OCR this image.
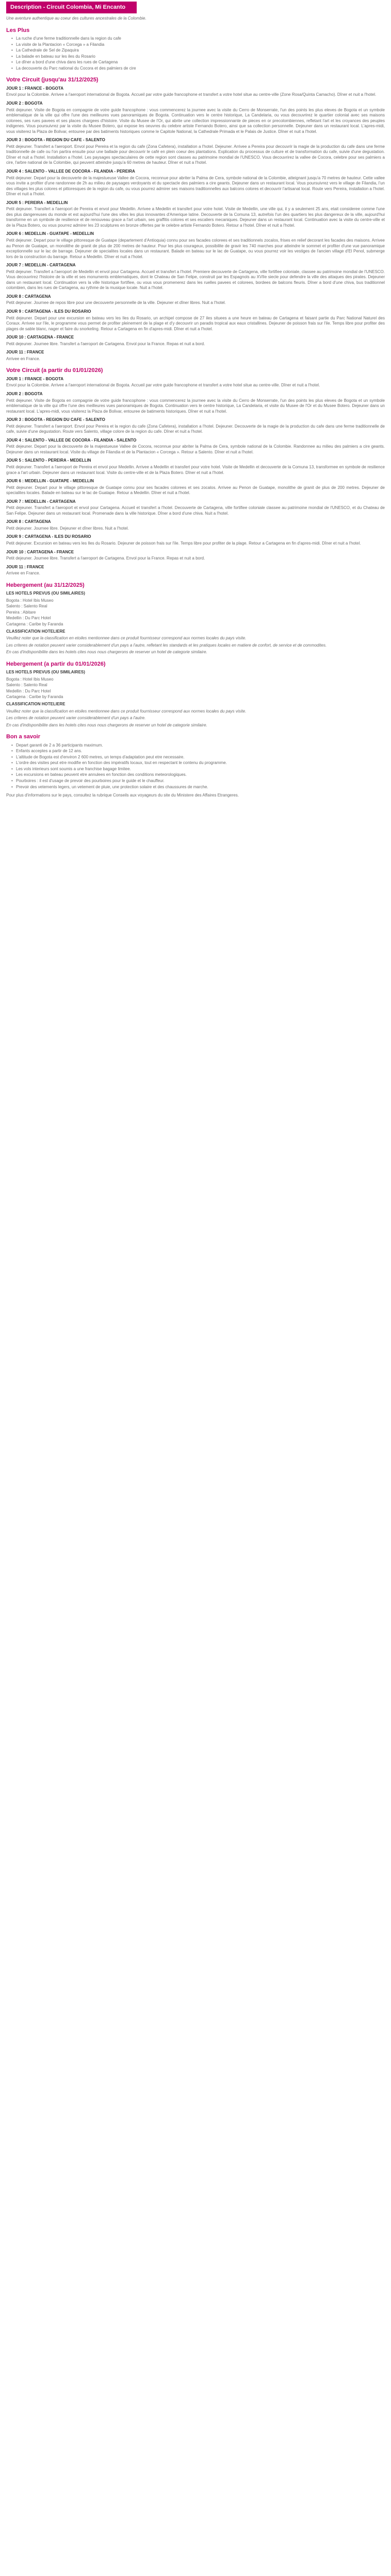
Description - Circuit Colombia, Mi Encanto
Une aventure authentique au coeur des cultures ancestrales de la Colombie.
Les Plus
• La ruche d'une ferme traditionnelle dans la region du cafe
• La visite de la Plantacion « Corcega » a Filandia
• La Cathedrale de Sel de Zipaquira
• La balade en bateau sur les iles du Rosario
• Le dîner a bord d'une chiva dans les rues de Cartagena
• La decouverte du Parc national du Cocora et des palmiers de cire
Votre Circuit (jusqu'au 31/12/2025)
JOUR 1 : FRANCE - BOGOTA
Envol pour la Colombie. Arrivee a l'aeroport international de Bogota. Accueil par votre guide francophone et transfert a votre hotel situe au centre-ville (Zone Rosa/Quinta Camacho). Dîner et nuit a l'hotel.
JOUR 2 : BOGOTA
Petit dejeuner. Visite de Bogota en compagnie de votre guide francophone : vous commencerez la journee avec la visite du Cerro de Monserrate, l'un des points les plus eleves de Bogota et un symbole emblematique de la ville qui offre l'une des meilleures vues panoramiques de Bogota. Continuation vers le centre historique, La Candelaria, ou vous decouvrirez le quartier colonial avec ses maisons colorees, ses rues pavees et ses places chargees d'histoire. Visite du Musee de l'Or, qui abrite une collection impressionnante de pieces en or precolombiennes, refletant l'art et les croyances des peuples indigenes. Vous poursuivrez par la visite du Musee Botero, qui expose les oeuvres du celebre artiste Fernando Botero, ainsi que sa collection personnelle. Dejeuner dans un restaurant local. L'apres-midi, vous visiterez la Plaza de Bolivar, entouree par des batiments historiques comme le Capitole National, la Cathedrale Primada et le Palais de Justice. Dîner et nuit a l'hotel.
JOUR 3 : BOGOTA - REGION DU CAFE - SALENTO
Petit dejeuner. Transfert a l'aeroport. Envol pour Pereira et la region du cafe (Zona Cafetera), installation a l'hotel. Dejeuner. Arrivee a Pereira pour decouvrir la magie de la production du cafe dans une ferme traditionnelle de cafe ou l'on partira ensuite pour une ballade pour decouvrir le café en plein coeur des plantations. Explication du processus de culture et de transformation du cafe, suivie d'une degustation. Dîner et nuit a l'hotel. Installation a l'hotel. Les paysages spectaculaires de cette region sont classes au patrimoine mondial de l'UNESCO. Vous decouvrirez la vallee de Cocora, celebre pour ses palmiers a cire, l'arbre national de la Colombie, qui peuvent atteindre jusqu'a 60 metres de hauteur. Dîner et nuit a l'hotel.
JOUR 4 : SALENTO - VALLEE DE COCORA - FILANDIA - PEREIRA
Petit dejeuner. Depart pour la decouverte de la majestueuse Vallee de Cocora, reconnue pour abriter la Palma de Cera, symbole national de la Colombie, atteignant jusqu'a 70 metres de hauteur. Cette vallee vous invite a profiter d'une randonnee de 2h au milieu de paysages verdoyants et du spectacle des palmiers a cire geants. Dejeuner dans un restaurant local. Vous poursuivrez vers le village de Filandia, l'un des villages les plus colores et pittoresques de la region du cafe, ou vous pourrez admirer ses maisons traditionnelles aux balcons colores et decouvrir l'artisanat local. Route vers Pereira, installation a l'hotel. Dîner et nuit a l'hotel.
JOUR 5 : PEREIRA - MEDELLIN
Petit dejeuner. Transfert a l'aeroport de Pereira et envol pour Medellin. Arrivee a Medellin et transfert pour votre hotel. Visite de Medellin, une ville qui, il y a seulement 25 ans, etait consideree comme l'une des plus dangereuses du monde et est aujourd'hui l'une des villes les plus innovantes d'Amerique latine. Decouverte de la Comuna 13, autrefois l'un des quartiers les plus dangereux de la ville, aujourd'hui transforme en un symbole de resilience et de renouveau grace a l'art urbain, ses graffitis colores et ses escaliers mecaniques. Dejeuner dans un restaurant local. Continuation avec la visite du centre-ville et de la Plaza Botero, ou vous pourrez admirer les 23 sculptures en bronze offertes par le celebre artiste Fernando Botero. Retour a l'hotel. Dîner et nuit a l'hotel.
JOUR 6 : MEDELLIN - GUATAPE - MEDELLIN
Petit dejeuner. Depart pour le village pittoresque de Guatape (departement d'Antioquia) connu pour ses facades colorees et ses traditionnels zocalos, frises en relief decorant les facades des maisons. Arrivee au Penon de Guatape, un monolithe de granit de plus de 200 metres de hauteur. Pour les plus courageux, possibilite de gravir les 740 marches pour atteindre le sommet et profiter d'une vue panoramique exceptionnelle sur le lac de barrage. Dejeuner de specialites locales dans un restaurant. Balade en bateau sur le lac de Guatape, ou vous pourrez voir les vestiges de l'ancien village d'El Penol, submerge lors de la construction du barrage. Retour a Medellin. Dîner et nuit a l'hotel.
JOUR 7 : MEDELLIN - CARTAGENA
Petit dejeuner. Transfert a l'aeroport de Medellin et envol pour Cartagena. Accueil et transfert a l'hotel. Premiere decouverte de Cartagena, ville fortifiee coloniale, classee au patrimoine mondial de l'UNESCO. Vous decouvrirez l'histoire de la ville et ses monuments emblematiques, dont le Chateau de San Felipe, construit par les Espagnols au XVIIe siecle pour defendre la ville des attaques des pirates. Dejeuner dans un restaurant local. Continuation vers la ville historique fortifiee, ou vous vous promenerez dans les ruelles pavees et colorees, bordees de balcons fleuris. Dîner a bord d'une chiva, bus traditionnel colombien, dans les rues de Cartagena, au rythme de la musique locale. Nuit a l'hotel.
JOUR 8 : CARTAGENA
Petit dejeuner. Journee de repos libre pour une decouverte personnelle de la ville. Dejeuner et dîner libres. Nuit a l'hotel.
JOUR 9 : CARTAGENA - ILES DU ROSARIO
Petit dejeuner. Depart pour une excursion en bateau vers les Iles du Rosario, un archipel compose de 27 iles situees a une heure en bateau de Cartagena et faisant partie du Parc National Naturel des Coraux. Arrivee sur l'ile, le programme vous permet de profiter pleinement de la plage et d'y decouvrir un paradis tropical aux eaux cristallines. Dejeuner de poisson frais sur l'ile. Temps libre pour profiter des plages de sable blanc, nager et faire du snorkeling. Retour a Cartagena en fin d'apres-midi. Dîner et nuit a l'hotel.
JOUR 10 : CARTAGENA - FRANCE
Petit dejeuner. Journee libre. Transfert a l'aeroport de Cartagena. Envol pour la France. Repas et nuit a bord.
JOUR 11 : FRANCE
Arrivee en France.
Votre Circuit (a partir du 01/01/2026)
JOUR 1 : FRANCE - BOGOTA
Envol pour la Colombie. Arrivee a l'aeroport international de Bogota. Accueil par votre guide francophone et transfert a votre hotel situe au centre-ville. Dîner et nuit a l'hotel.
JOUR 2 : BOGOTA
Petit dejeuner. Visite de Bogota en compagnie de votre guide francophone : vous commencerez la journee avec la visite du Cerro de Monserrate, l'un des points les plus eleves de Bogota et un symbole emblematique de la ville qui offre l'une des meilleures vues panoramiques de Bogota. Continuation vers le centre historique, La Candelaria, et visite du Musee de l'Or et du Musee Botero. Dejeuner dans un restaurant local. L'apres-midi, vous visiterez la Plaza de Bolivar, entouree de batiments historiques. Dîner et nuit a l'hotel.
JOUR 3 : BOGOTA - REGION DU CAFE - SALENTO
Petit dejeuner. Transfert a l'aeroport. Envol pour Pereira et la region du cafe (Zona Cafetera), installation a l'hotel. Dejeuner. Decouverte de la magie de la production du cafe dans une ferme traditionnelle de cafe, suivie d'une degustation. Route vers Salento, village colore de la region du cafe. Dîner et nuit a l'hotel.
JOUR 4 : SALENTO - VALLEE DE COCORA - FILANDIA - SALENTO
Petit dejeuner. Depart pour la decouverte de la majestueuse Vallee de Cocora, reconnue pour abriter la Palma de Cera, symbole national de la Colombie. Randonnee au milieu des palmiers a cire geants. Dejeuner dans un restaurant local. Visite du village de Filandia et de la Plantacion « Corcega ». Retour a Salento. Dîner et nuit a l'hotel.
JOUR 5 : SALENTO - PEREIRA - MEDELLIN
Petit dejeuner. Transfert a l'aeroport de Pereira et envol pour Medellin. Arrivee a Medellin et transfert pour votre hotel. Visite de Medellin et decouverte de la Comuna 13, transformee en symbole de resilience grace a l'art urbain. Dejeuner dans un restaurant local. Visite du centre-ville et de la Plaza Botero. Dîner et nuit a l'hotel.
JOUR 6 : MEDELLIN - GUATAPE - MEDELLIN
Petit dejeuner. Depart pour le village pittoresque de Guatape connu pour ses facades colorees et ses zocalos. Arrivee au Penon de Guatape, monolithe de granit de plus de 200 metres. Dejeuner de specialites locales. Balade en bateau sur le lac de Guatape. Retour a Medellin. Dîner et nuit a l'hotel.
JOUR 7 : MEDELLIN - CARTAGENA
Petit dejeuner. Transfert a l'aeroport et envol pour Cartagena. Accueil et transfert a l'hotel. Decouverte de Cartagena, ville fortifiee coloniale classee au patrimoine mondial de l'UNESCO, et du Chateau de San Felipe. Dejeuner dans un restaurant local. Promenade dans la ville historique. Dîner a bord d'une chiva. Nuit a l'hotel.
JOUR 8 : CARTAGENA
Petit dejeuner. Journee libre. Dejeuner et dîner libres. Nuit a l'hotel.
JOUR 9 : CARTAGENA - ILES DU ROSARIO
Petit dejeuner. Excursion en bateau vers les Iles du Rosario. Dejeuner de poisson frais sur l'ile. Temps libre pour profiter de la plage. Retour a Cartagena en fin d'apres-midi. Dîner et nuit a l'hotel.
JOUR 10 : CARTAGENA - FRANCE
Petit dejeuner. Journee libre. Transfert a l'aeroport de Cartagena. Envol pour la France. Repas et nuit a bord.
JOUR 11 : FRANCE
Arrivee en France.
Hebergement (au 31/12/2025)
LES HOTELS PREVUS (OU SIMILAIRES)
Bogota : Hotel Ibis Museo
Salento : Salento Real
Pereira : Abitare
Medellin : Du Parc Hotel
Cartagena : Caribe by Faranda
CLASSIFICATION HOTELIERE
Veuillez noter que la classification en etoiles mentionnee dans ce produit fournisseur correspond aux normes locales du pays visite.
Les criteres de notation peuvent varier considerablement d'un pays a l'autre, refletant les standards et les pratiques locales en matiere de confort, de service et de commodites.
En cas d'indisponibilite dans les hotels cites nous nous chargerons de reserver un hotel de categorie similaire.
Hebergement (a partir du 01/01/2026)
LES HOTELS PREVUS (OU SIMILAIRES)
Bogota : Hotel Ibis Museo
Salento : Salento Real
Medellin : Du Parc Hotel
Cartagena : Caribe by Faranda
CLASSIFICATION HOTELIERE
Veuillez noter que la classification en etoiles mentionnee dans ce produit fournisseur correspond aux normes locales du pays visite.
Les criteres de notation peuvent varier considerablement d'un pays a l'autre.
En cas d'indisponibilite dans les hotels cites nous nous chargerons de reserver un hotel de categorie similaire.
Bon a savoir
• Depart garanti de 2 a 36 participants maximum.
• Enfants acceptes a partir de 12 ans.
• L'altitude de Bogota est d'environ 2 600 metres, un temps d'adaptation peut etre necessaire.
• L'ordre des visites peut etre modifie en fonction des impératifs locaux, tout en respectant le contenu du programme.
• Les vols interieurs sont soumis a une franchise bagage limitee.
• Les excursions en bateau peuvent etre annulees en fonction des conditions meteorologiques.
• Pourboires : il est d'usage de prevoir des pourboires pour le guide et le chauffeur.
• Prevoir des vetements legers, un vetement de pluie, une protection solaire et des chaussures de marche.
Pour plus d'informations sur le pays, consultez la rubrique Conseils aux voyageurs du site du Ministere des Affaires Etrangeres.
